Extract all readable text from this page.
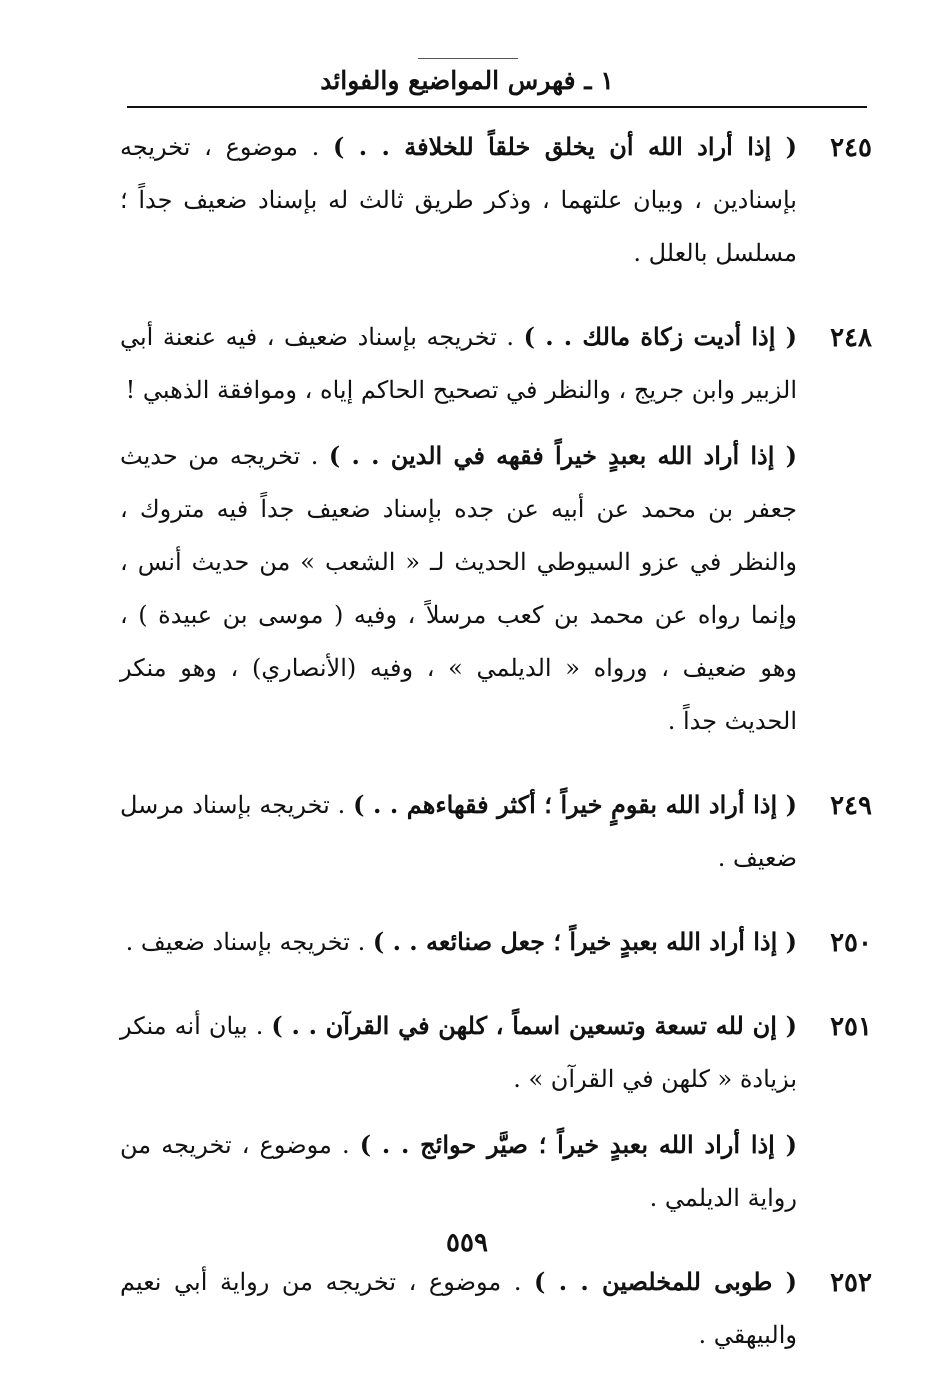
١ ـ فهرس المواضيع والفوائد
٢٤٥

( إذا أراد الله أن يخلق خلقاً للخلافة . . ) . موضوع ، تخريجه بإسنادين ، وبيان علتهما ، وذكر طريق ثالث له بإسناد ضعيف جداً ؛ مسلسل بالعلل .

٢٤٨

( إذا أديت زكاة مالك . . ) . تخريجه بإسناد ضعيف ، فيه عنعنة أبي الزبير وابن جريج ، والنظر في تصحيح الحاكم إياه ، وموافقة الذهبي !

( إذا أراد الله بعبدٍ خيراً فقهه في الدين . . ) . تخريجه من حديث جعفر بن محمد عن أبيه عن جده بإسناد ضعيف جداً فيه متروك ، والنظر في عزو السيوطي الحديث لـ « الشعب » من حديث أنس ، وإنما رواه عن محمد بن كعب مرسلاً ، وفيه ( موسى بن عبيدة ) ، وهو ضعيف ، ورواه « الديلمي » ، وفيه (الأنصاري) ، وهو منكر الحديث جداً .

٢٤٩

( إذا أراد الله بقومٍ خيراً ؛ أكثر فقهاءهم . . ) . تخريجه بإسناد مرسل ضعيف .

٢٥٠

( إذا أراد الله بعبدٍ خيراً ؛ جعل صنائعه . . ) . تخريجه بإسناد ضعيف .

٢٥١

( إن لله تسعة وتسعين اسماً ، كلهن في القرآن . . ) . بيان أنه منكر بزيادة « كلهن في القرآن » .

( إذا أراد الله بعبدٍ خيراً ؛ صيَّر حوائج . . ) . موضوع ، تخريجه من رواية الديلمي .

٢٥٢

( طوبى للمخلصين . . ) . موضوع ، تخريجه من رواية أبي نعيم والبيهقي .

٥٥٩
